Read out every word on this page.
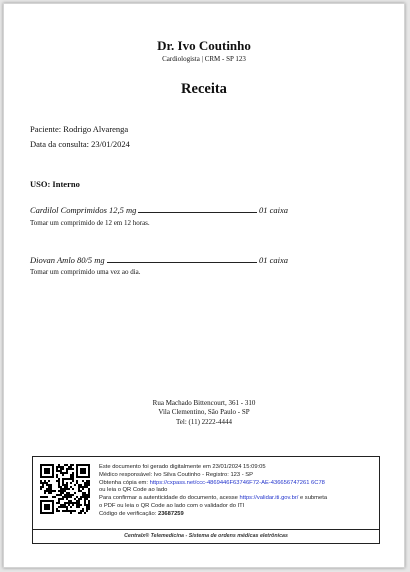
Dr. Ivo Coutinho
Cardiologista | CRM - SP 123
Receita
Paciente: Rodrigo Alvarenga
Data da consulta: 23/01/2024
USO: Interno
Cardilol Comprimidos 12,5 mg	01 caixa
Tomar um comprimido de 12 em 12 horas.
Diovan Amlo 80/5 mg	01 caixa
Tomar um comprimido uma vez ao dia.
Rua Machado Bittencourt, 361 - 310
Vila Clementino, São Paulo - SP
Tel: (11) 2222-4444
Este documento foi gerado digitalmente em 23/01/2024 15:09:05
Médico responsável: Ivo Silva Coutinho - Registro: 123 - SP
Obtenha cópia em: https://cxpass.net/ccc-4869446F63746F72-AE-436656747261 6C78
ou leia o QR Code ao lado
Para confirmar a autenticidade do documento, acesse https://validar.iti.gov.br/ e submeta
o PDF ou leia o QR Code ao lado com o validador do ITI
Código de verificação: 23687259
Centralx® Telemedicina - Sistema de ordens médicas eletrônicas
